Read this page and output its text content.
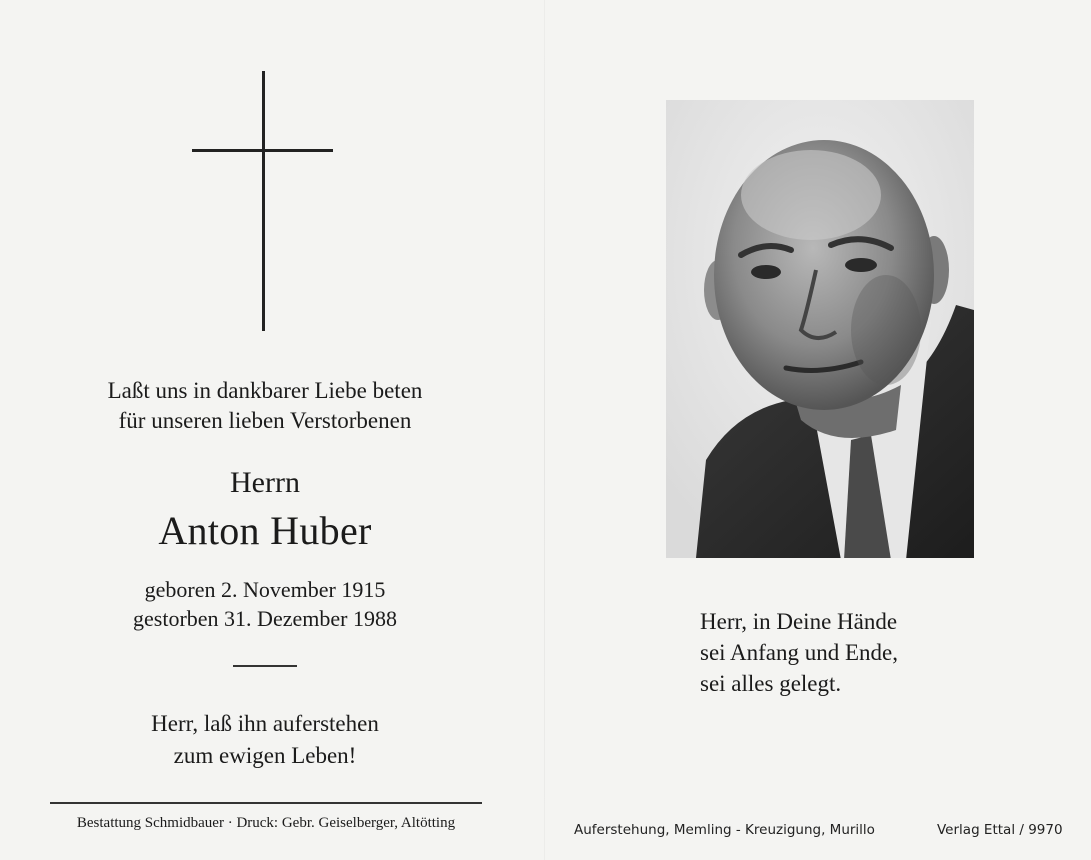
Laßt uns in dankbarer Liebe beten
für unseren lieben Verstorbenen
Herrn
Anton Huber
geboren 2. November 1915
gestorben 31. Dezember 1988
Herr, laß ihn auferstehen
zum ewigen Leben!
Bestattung Schmidbauer · Druck: Gebr. Geiselberger, Altötting
Herr, in Deine Hände
sei Anfang und Ende,
sei alles gelegt.
Auferstehung, Memling - Kreuzigung, Murillo	Verlag Ettal / 9970
